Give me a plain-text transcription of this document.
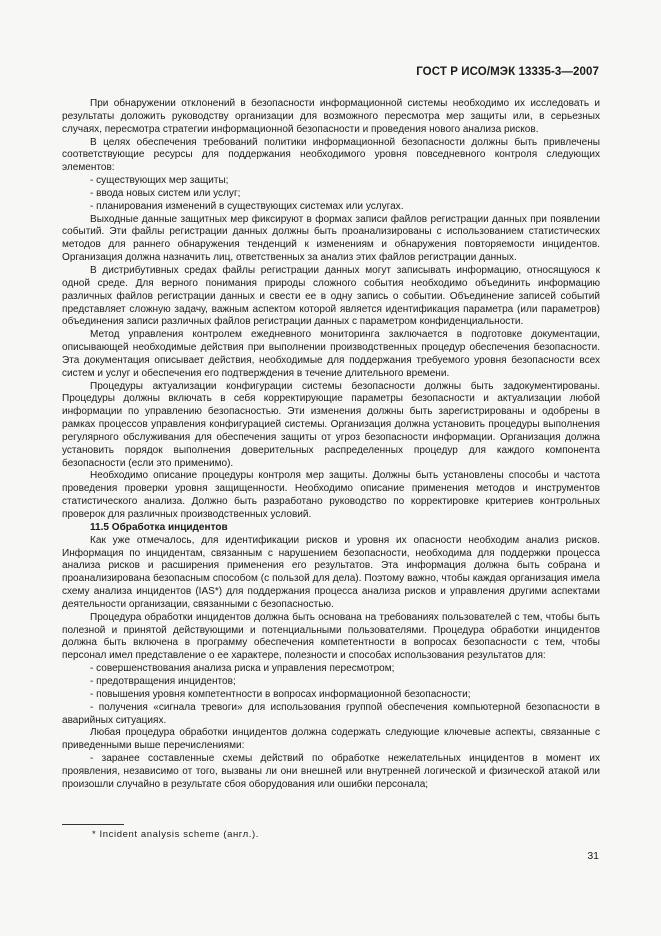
ГОСТ Р ИСО/МЭК 13335-3—2007

При обнаружении отклонений в безопасности информационной системы необходимо их исследовать и результаты доложить руководству организации для возможного пересмотра мер защиты или, в серьезных случаях, пересмотра стратегии информационной безопасности и проведения нового анализа рисков.

В целях обеспечения требований политики информационной безопасности должны быть привлечены соответствующие ресурсы для поддержания необходимого уровня повседневного контроля следующих элементов:

- существующих мер защиты;

- ввода новых систем или услуг;

- планирования изменений в существующих системах или услугах.

Выходные данные защитных мер фиксируют в формах записи файлов регистрации данных при появлении событий. Эти файлы регистрации данных должны быть проанализированы с использованием статистических методов для раннего обнаружения тенденций к изменениям и обнаружения повторяемости инцидентов. Организация должна назначить лиц, ответственных за анализ этих файлов регистрации данных.

В дистрибутивных средах файлы регистрации данных могут записывать информацию, относящуюся к одной среде. Для верного понимания природы сложного события необходимо объединить информацию различных файлов регистрации данных и свести ее в одну запись о событии. Объединение записей событий представляет сложную задачу, важным аспектом которой является идентификация параметра (или параметров) объединения записи различных файлов регистрации данных с параметром конфиденциальности.

Метод управления контролем ежедневного мониторинга заключается в подготовке документации, описывающей необходимые действия при выполнении производственных процедур обеспечения безопасности. Эта документация описывает действия, необходимые для поддержания требуемого уровня безопасности всех систем и услуг и обеспечения его подтверждения в течение длительного времени.

Процедуры актуализации конфигурации системы безопасности должны быть задокументированы. Процедуры должны включать в себя корректирующие параметры безопасности и актуализации любой информации по управлению безопасностью. Эти изменения должны быть зарегистрированы и одобрены в рамках процессов управления конфигурацией системы. Организация должна установить процедуры выполнения регулярного обслуживания для обеспечения защиты от угроз безопасности информации. Организация должна установить порядок выполнения доверительных распределенных процедур для каждого компонента безопасности (если это применимо).

Необходимо описание процедуры контроля мер защиты. Должны быть установлены способы и частота проведения проверки уровня защищенности. Необходимо описание применения методов и инструментов статистического анализа. Должно быть разработано руководство по корректировке критериев контрольных проверок для различных производственных условий.

11.5 Обработка инцидентов

Как уже отмечалось, для идентификации рисков и уровня их опасности необходим анализ рисков. Информация по инцидентам, связанным с нарушением безопасности, необходима для поддержки процесса анализа рисков и расширения применения его результатов. Эта информация должна быть собрана и проанализирована безопасным способом (с пользой для дела). Поэтому важно, чтобы каждая организация имела схему анализа инцидентов (IAS*) для поддержания процесса анализа рисков и управления другими аспектами деятельности организации, связанными с безопасностью.

Процедура обработки инцидентов должна быть основана на требованиях пользователей с тем, чтобы быть полезной и принятой действующими и потенциальными пользователями. Процедура обработки инцидентов должна быть включена в программу обеспечения компетентности в вопросах безопасности с тем, чтобы персонал имел представление о ее характере, полезности и способах использования результатов для:

- совершенствования анализа риска и управления пересмотром;

- предотвращения инцидентов;

- повышения уровня компетентности в вопросах информационной безопасности;

- получения «сигнала тревоги» для использования группой обеспечения компьютерной безопасности в аварийных ситуациях.

Любая процедура обработки инцидентов должна содержать следующие ключевые аспекты, связанные с приведенными выше перечислениями:

- заранее составленные схемы действий по обработке нежелательных инцидентов в момент их проявления, независимо от того, вызваны ли они внешней или внутренней логической и физической атакой или произошли случайно в результате сбоя оборудования или ошибки персонала;

* Incident analysis scheme (англ.).
31
